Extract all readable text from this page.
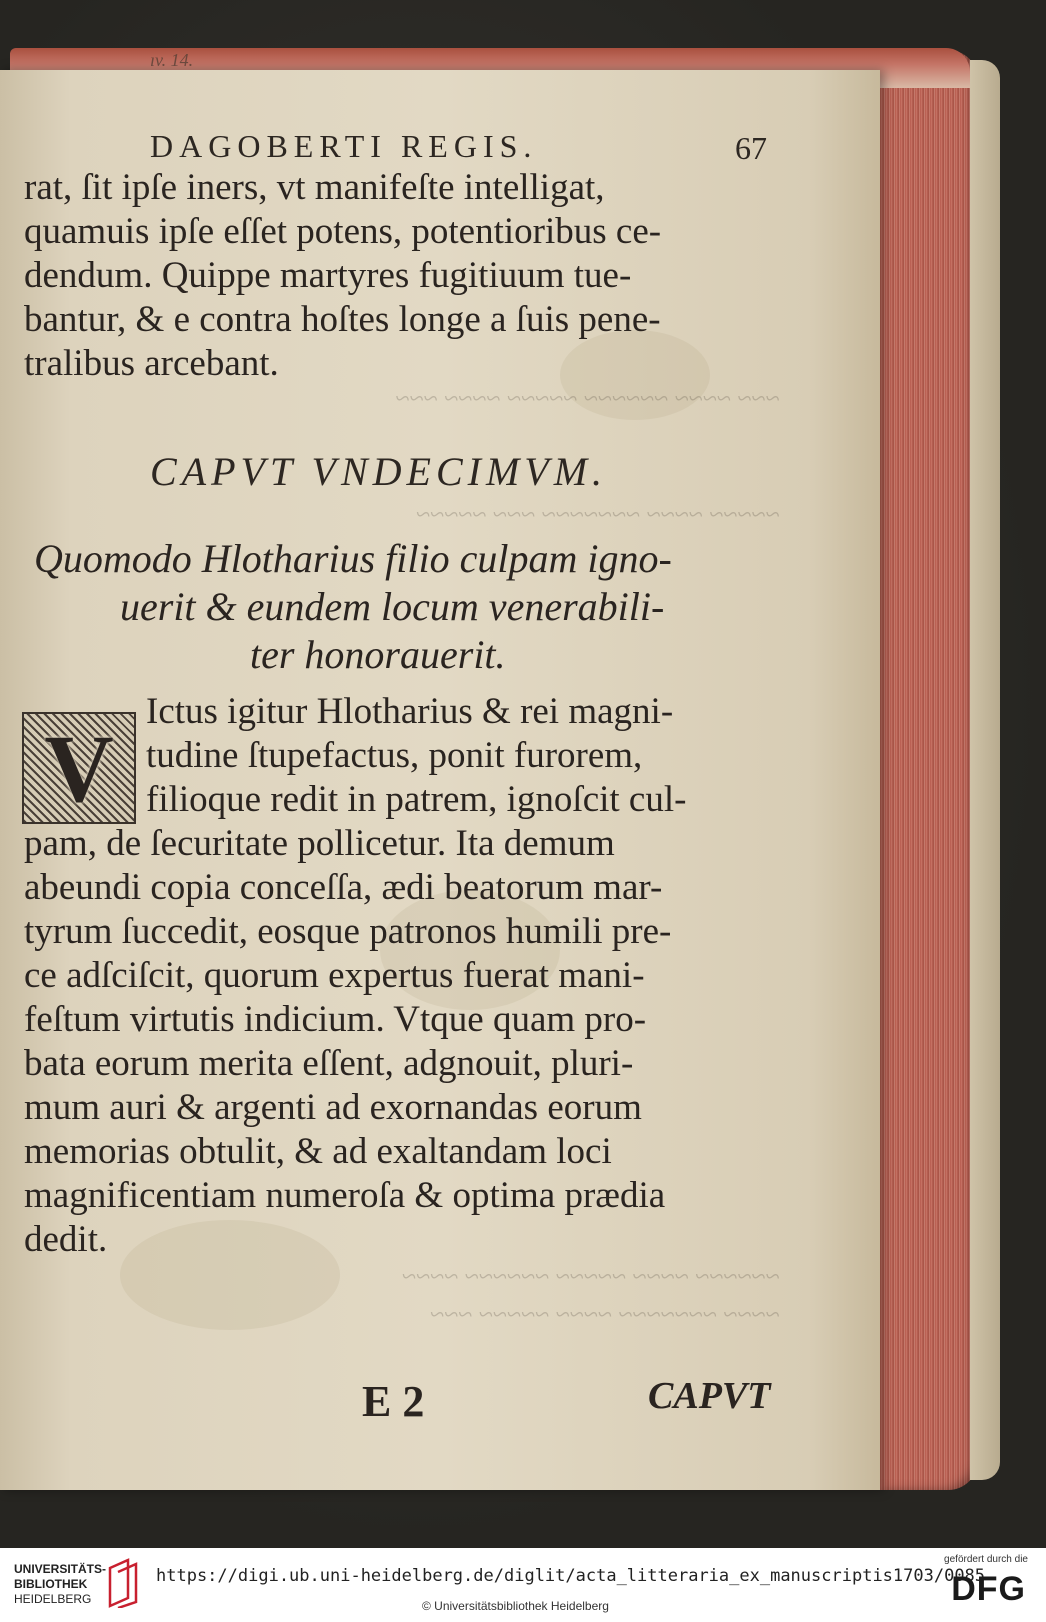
ıv. 14.
DAGOBERTI REGIS.	67
rat, ſit ipſe iners, vt manifeſte intelligat,
quamuis ipſe eſſet potens, potentioribus ce-
dendum. Quippe martyres fugitiuum tue-
bantur, & e contra hoſtes longe a ſuis pene-
tralibus arcebant.
~~~ ~~~~ ~~~~~~ ~~~~~ ~~~~ ~~~
~~~~~ ~~~~ ~~~~~~~ ~~~ ~~~~~
~~~~~~ ~~~~ ~~~~~ ~~~~~~ ~~~~
~~~~ ~~~~~~~ ~~~~ ~~~~~ ~~~
CAPVT VNDECIMVM.
Quomodo Hlotharius filio culpam igno-
uerit & eundem locum venerabili-
ter honorauerit.
V
Ictus igitur Hlotharius & rei magni-
tudine ſtupefactus, ponit furorem,
filioque redit in patrem, ignoſcit cul-
pam, de ſecuritate pollicetur. Ita demum
abeundi copia conceſſa, ædi beatorum mar-
tyrum ſuccedit, eosque patronos humili pre-
ce adſciſcit, quorum expertus fuerat mani-
feſtum virtutis indicium. Vtque quam pro-
bata eorum merita eſſent, adgnouit, pluri-
mum auri & argenti ad exornandas eorum
memorias obtulit, & ad exaltandam loci
magnificentiam numeroſa & optima prædia
dedit.
E 2	CAPVT
UNIVERSITÄTS-
BIBLIOTHEK
HEIDELBERG
https://digi.ub.uni-heidelberg.de/diglit/acta_litteraria_ex_manuscriptis1703/0085
© Universitätsbibliothek Heidelberg
gefördert durch die
DFG
